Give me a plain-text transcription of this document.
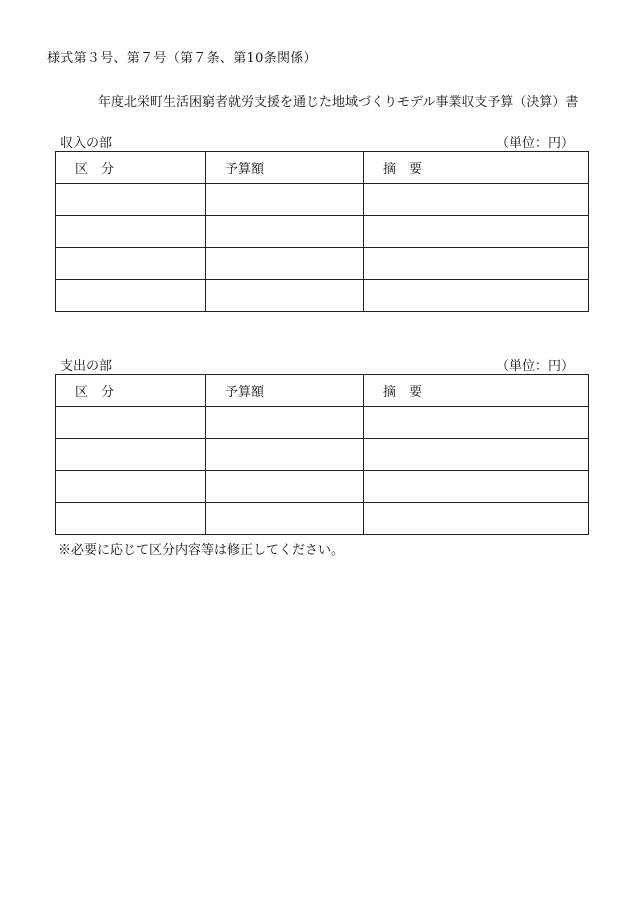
様式第３号、第７号（第７条、第10条関係）
年度北栄町生活困窮者就労支援を通じた地域づくりモデル事業収支予算（決算）書
収入の部	（単位：円）
区　分	予算額	摘　要

支出の部	（単位：円）
区　分	予算額	摘　要

※必要に応じて区分内容等は修正してください。
